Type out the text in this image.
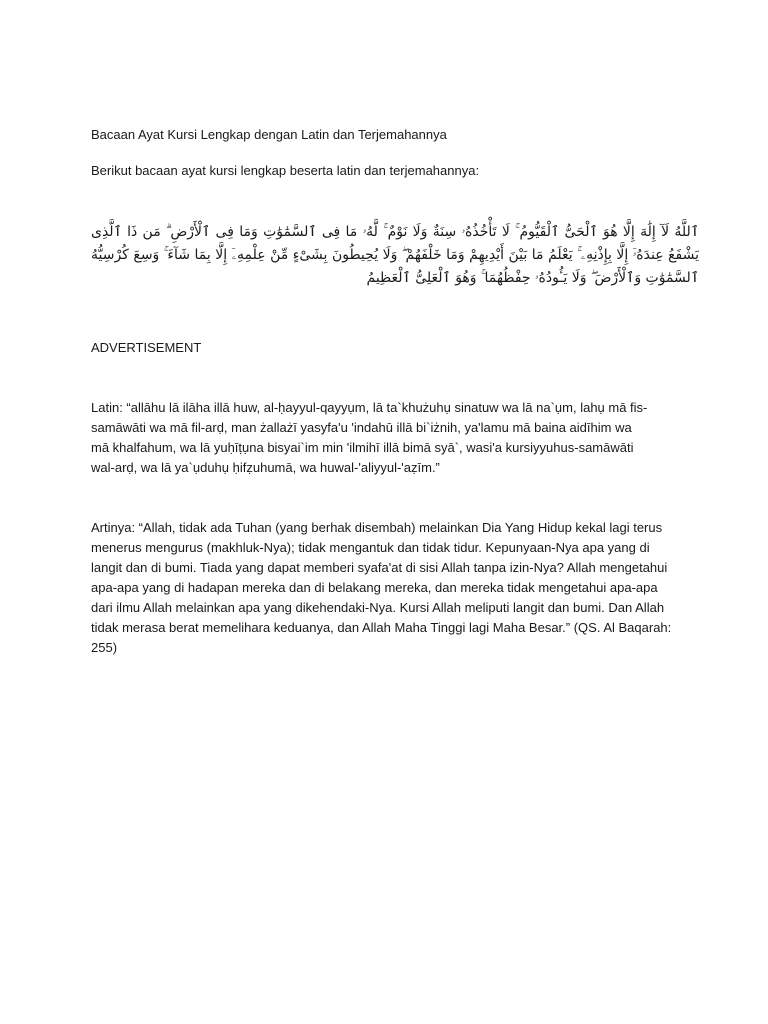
Bacaan Ayat Kursi Lengkap dengan Latin dan Terjemahannya

Berikut bacaan ayat kursi lengkap beserta latin dan terjemahannya:

ٱللَّهُ لَآ إِلَٰهَ إِلَّا هُوَ ٱلْحَىُّ ٱلْقَيُّومُ ۚ لَا تَأْخُذُهُۥ سِنَةٌ وَلَا نَوْمٌ ۚ لَّهُۥ مَا فِى ٱلسَّمَٰوَٰتِ وَمَا فِى ٱلْأَرْضِ ۗ مَن ذَا ٱلَّذِى يَشْفَعُ عِندَهُۥٓ إِلَّا بِإِذْنِهِۦ ۚ يَعْلَمُ مَا بَيْنَ أَيْدِيهِمْ وَمَا خَلْفَهُمْ ۖ وَلَا يُحِيطُونَ بِشَىْءٍ مِّنْ عِلْمِهِۦٓ إِلَّا بِمَا شَآءَ ۚ وَسِعَ كُرْسِيُّهُ ٱلسَّمَٰوَٰتِ وَٱلْأَرْضَ ۖ وَلَا يَـُٔودُهُۥ حِفْظُهُمَا ۚ وَهُوَ ٱلْعَلِىُّ ٱلْعَظِيمُ

ADVERTISEMENT

Latin: “allāhu lā ilāha illā huw, al-ḥayyul-qayyụm, lā ta`khużuhụ sinatuw wa lā na`ụm, lahụ mā fis-samāwāti wa mā fil-arḍ, man żallażī yasyfa'u 'indahū illā bi`iżnih, ya'lamu mā baina aidīhim wa mā khalfahum, wa lā yuḥīṭụna bisyai`im min 'ilmihī illā bimā syā`, wasi'a kursiyyuhus-samāwāti wal-arḍ, wa lā ya`ụduhụ ḥifẓuhumā, wa huwal-'aliyyul-'aẓīm.”

Artinya: “Allah, tidak ada Tuhan (yang berhak disembah) melainkan Dia Yang Hidup kekal lagi terus menerus mengurus (makhluk-Nya); tidak mengantuk dan tidak tidur. Kepunyaan-Nya apa yang di langit dan di bumi. Tiada yang dapat memberi syafa'at di sisi Allah tanpa izin-Nya? Allah mengetahui apa-apa yang di hadapan mereka dan di belakang mereka, dan mereka tidak mengetahui apa-apa dari ilmu Allah melainkan apa yang dikehendaki-Nya. Kursi Allah meliputi langit dan bumi. Dan Allah tidak merasa berat memelihara keduanya, dan Allah Maha Tinggi lagi Maha Besar.” (QS. Al Baqarah: 255)
